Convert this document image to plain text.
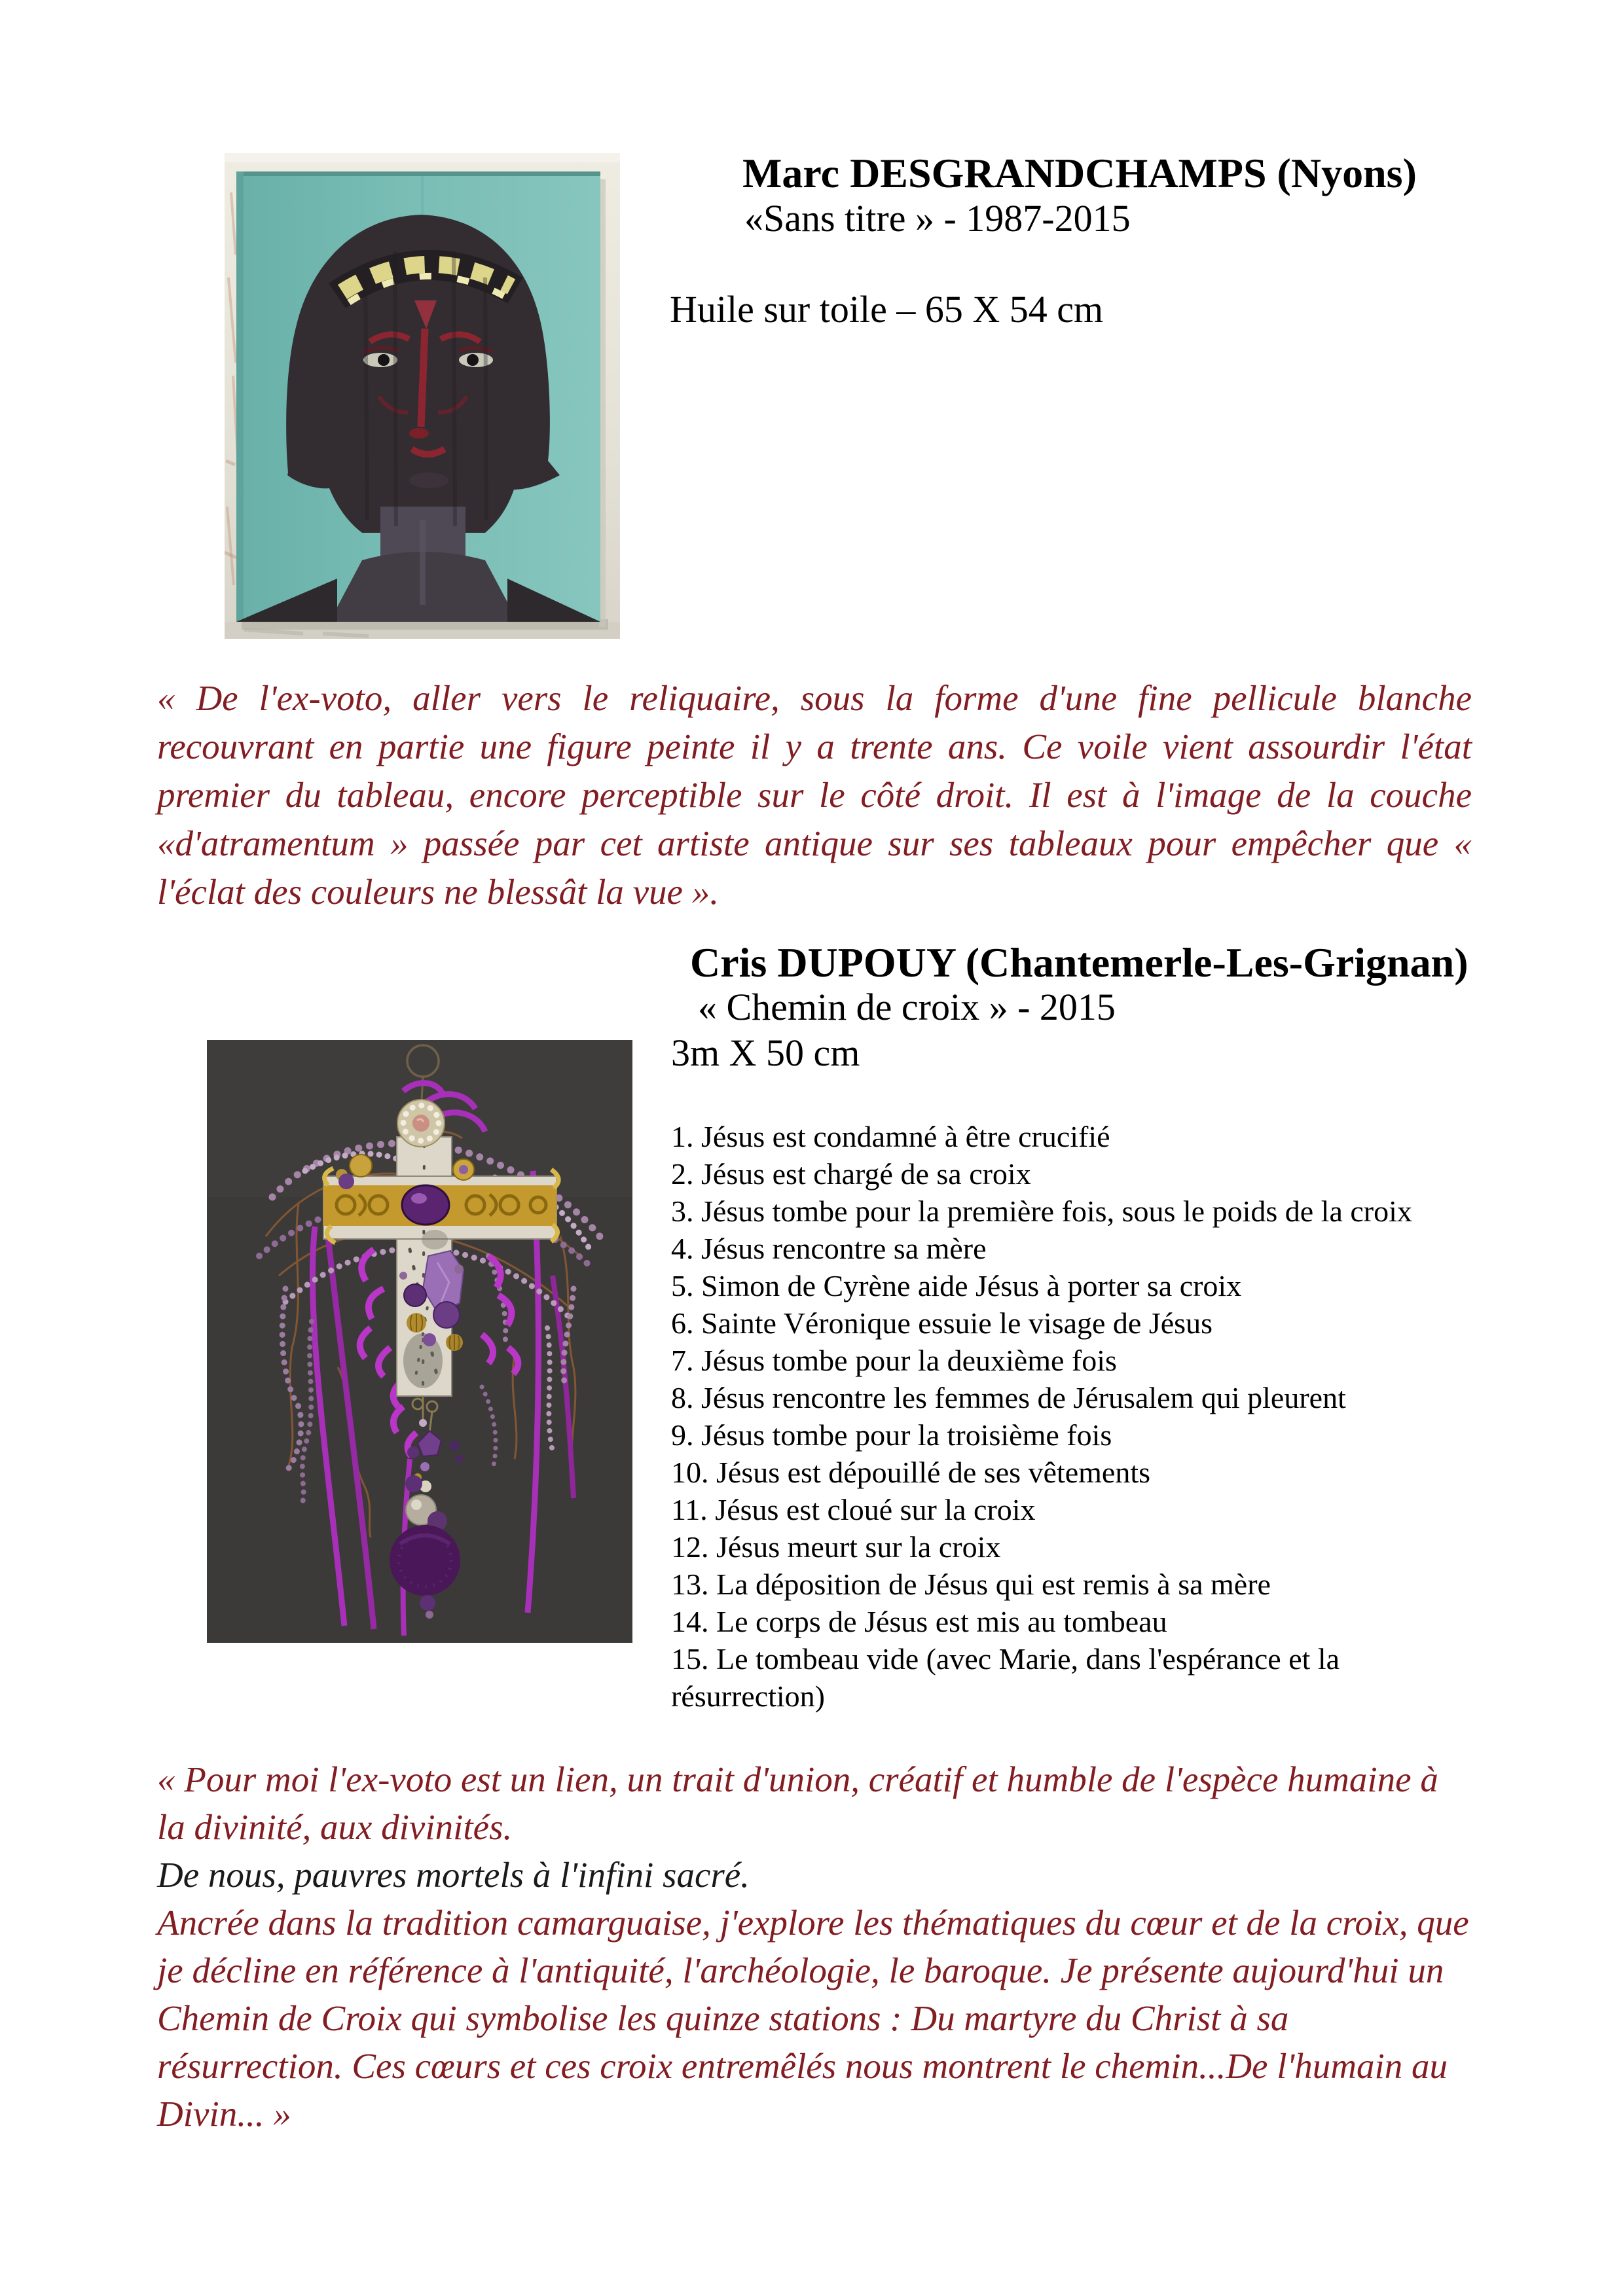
Marc DESGRANDCHAMPS (Nyons)
«Sans titre » - 1987-2015
Huile sur toile – 65 X 54 cm
« De l'ex-voto, aller vers le reliquaire, sous la forme d'une fine pellicule blanche recouvrant en partie une figure peinte il y a trente ans. Ce voile vient assourdir l'état premier du tableau, encore perceptible sur le côté droit. Il est à l'image de la couche «d'atramentum » passée par cet artiste antique sur ses tableaux pour empêcher que « l'éclat des couleurs ne blessât la vue ».
Cris DUPOUY (Chantemerle-Les-Grignan)
« Chemin de croix » - 2015
3m X 50 cm
1. Jésus est condamné à être crucifié
2. Jésus est chargé de sa croix
3. Jésus tombe pour la première fois, sous le poids de la croix
4. Jésus rencontre sa mère
5. Simon de Cyrène aide Jésus à porter sa croix
6. Sainte Véronique essuie le visage de Jésus
7. Jésus tombe pour la deuxième fois
8. Jésus rencontre les femmes de Jérusalem qui pleurent
9. Jésus tombe pour la troisième fois
10. Jésus est dépouillé de ses vêtements
11. Jésus est cloué sur la croix
12. Jésus meurt sur la croix
13. La déposition de Jésus qui est remis à sa mère
14. Le corps de Jésus est mis au tombeau
15. Le tombeau vide (avec Marie, dans l'espérance et la résurrection)

« Pour moi l'ex-voto est un lien, un trait d'union, créatif et humble de l'espèce humaine à la divinité, aux divinités.

De nous, pauvres mortels à l'infini sacré.

Ancrée dans la tradition camarguaise, j'explore les thématiques du cœur et de la croix, que je décline en référence à l'antiquité, l'archéologie, le baroque. Je présente aujourd'hui un Chemin de Croix qui symbolise les quinze stations : Du martyre du Christ à sa résurrection. Ces cœurs et ces croix entremêlés nous montrent le chemin...De l'humain au Divin... »
